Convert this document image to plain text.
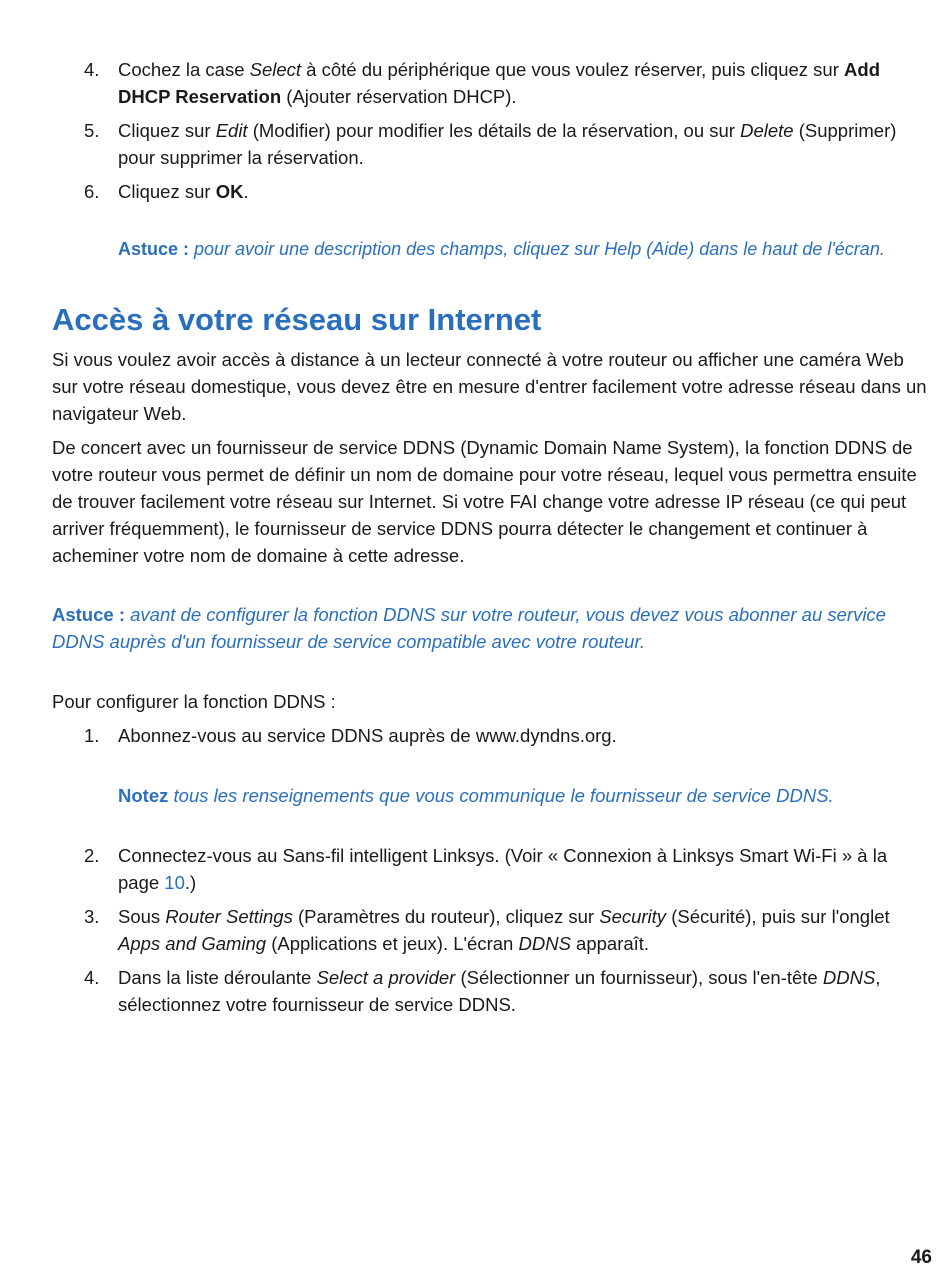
4.	Cochez la case Select à côté du périphérique que vous voulez réserver, puis cliquez sur Add DHCP Reservation (Ajouter réservation DHCP).
5.	Cliquez sur Edit (Modifier) pour modifier les détails de la réservation, ou sur Delete (Supprimer) pour supprimer la réservation.
6.	Cliquez sur OK.
Astuce : pour avoir une description des champs, cliquez sur Help (Aide) dans le haut de l'écran.
Accès à votre réseau sur Internet
Si vous voulez avoir accès à distance à un lecteur connecté à votre routeur ou afficher une caméra Web sur votre réseau domestique, vous devez être en mesure d'entrer facilement votre adresse réseau dans un navigateur Web.
De concert avec un fournisseur de service DDNS (Dynamic Domain Name System), la fonction DDNS de votre routeur vous permet de définir un nom de domaine pour votre réseau, lequel vous permettra ensuite de trouver facilement votre réseau sur Internet. Si votre FAI change votre adresse IP réseau (ce qui peut arriver fréquemment), le fournisseur de service DDNS pourra détecter le changement et continuer à acheminer votre nom de domaine à cette adresse.
Astuce : avant de configurer la fonction DDNS sur votre routeur, vous devez vous abonner au service DDNS auprès d'un fournisseur de service compatible avec votre routeur.
Pour configurer la fonction DDNS :
1.	Abonnez-vous au service DDNS auprès de www.dyndns.org.
Notez tous les renseignements que vous communique le fournisseur de service DDNS.
2.	Connectez-vous au Sans-fil intelligent Linksys. (Voir « Connexion à Linksys Smart Wi-Fi » à la page 10.)
3.	Sous Router Settings (Paramètres du routeur), cliquez sur Security (Sécurité), puis sur l'onglet Apps and Gaming (Applications et jeux). L'écran DDNS apparaît.
4.	Dans la liste déroulante Select a provider (Sélectionner un fournisseur), sous l'en-tête DDNS, sélectionnez votre fournisseur de service DDNS.
46
